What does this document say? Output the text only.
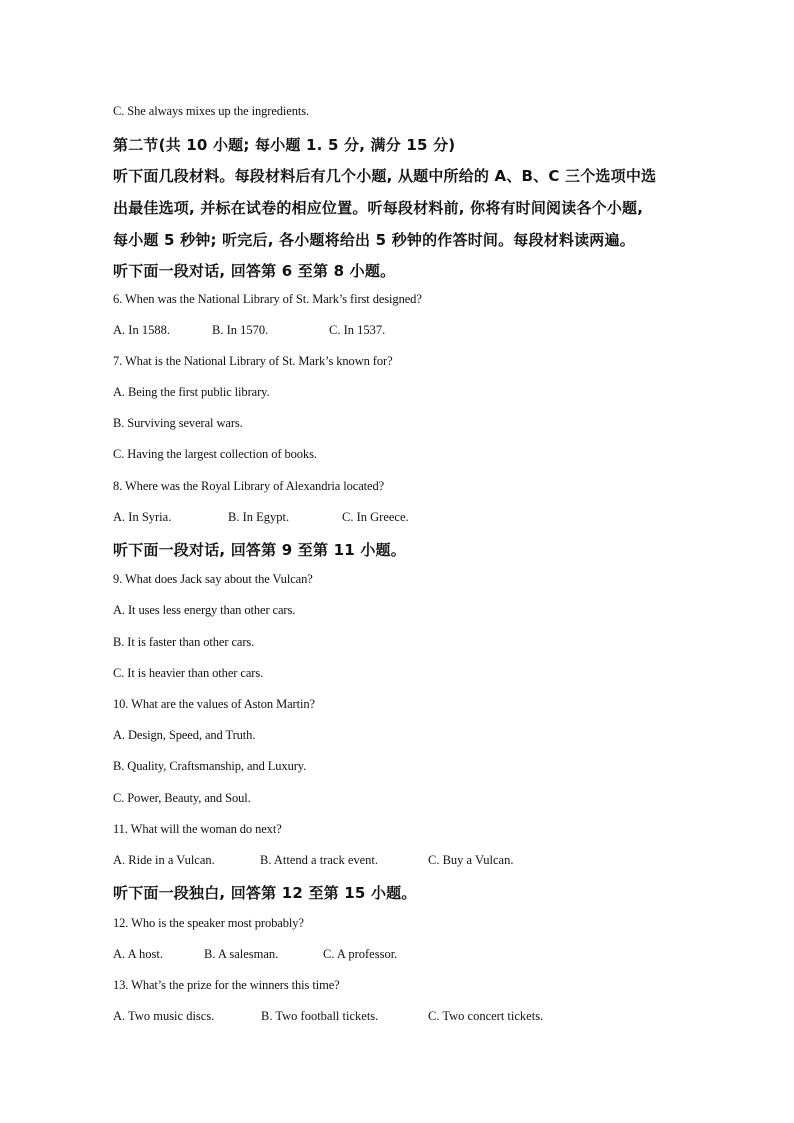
C. She always mixes up the ingredients.
第二节(共 10 小题; 每小题 1. 5 分, 满分 15 分)
听下面几段材料。每段材料后有几个小题, 从题中所给的 A、B、C 三个选项中选
出最佳选项, 并标在试卷的相应位置。听每段材料前, 你将有时间阅读各个小题,
每小题 5 秒钟; 听完后, 各小题将给出 5 秒钟的作答时间。每段材料读两遍。
听下面一段对话, 回答第 6 至第 8 小题。
6. When was the National Library of St. Mark’s first designed?
A. In 1588.	B. In 1570.	C. In 1537.
7. What is the National Library of St. Mark’s known for?
A. Being the first public library.
B. Surviving several wars.
C. Having the largest collection of books.
8. Where was the Royal Library of Alexandria located?
A. In Syria.	B. In Egypt.	C. In Greece.
听下面一段对话, 回答第 9 至第 11 小题。
9. What does Jack say about the Vulcan?
A. It uses less energy than other cars.
B. It is faster than other cars.
C. It is heavier than other cars.
10. What are the values of Aston Martin?
A. Design, Speed, and Truth.
B. Quality, Craftsmanship, and Luxury.
C. Power, Beauty, and Soul.
11. What will the woman do next?
A. Ride in a Vulcan.	B. Attend a track event.	C. Buy a Vulcan.
听下面一段独白, 回答第 12 至第 15 小题。
12. Who is the speaker most probably?
A. A host.	B. A salesman.	C. A professor.
13. What’s the prize for the winners this time?
A. Two music discs.	B. Two football tickets.	C. Two concert tickets.
